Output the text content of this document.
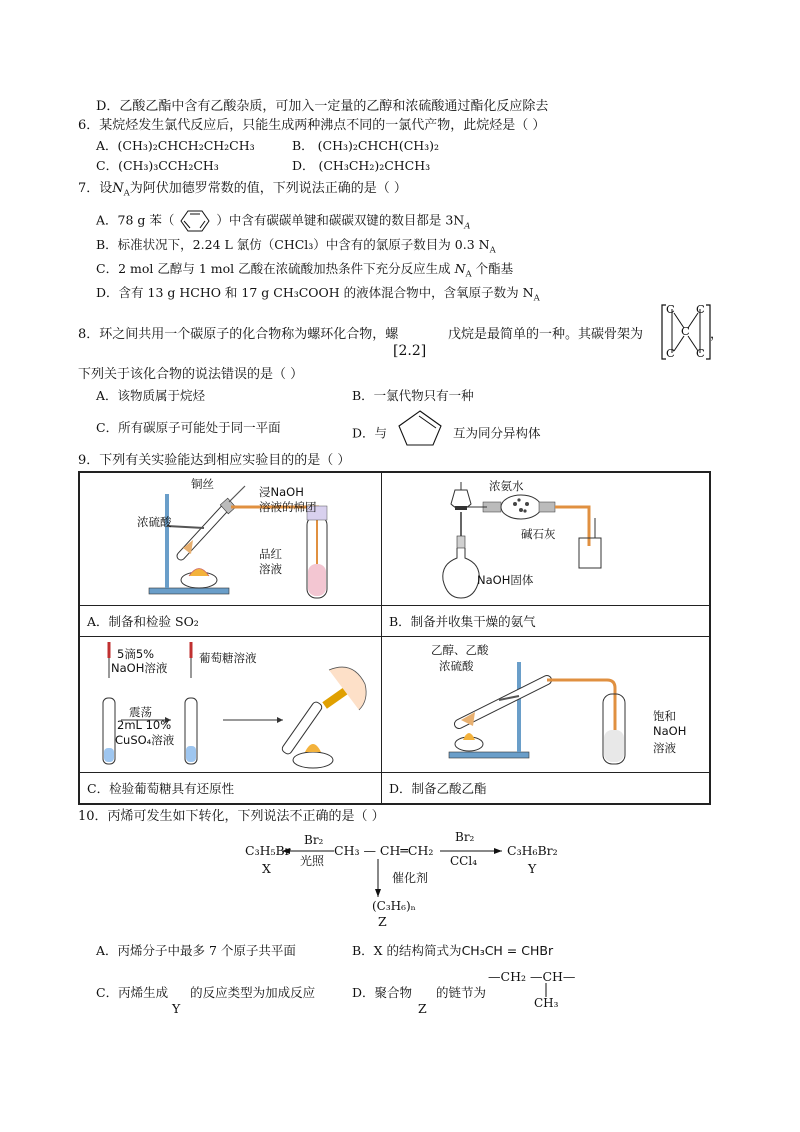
D．乙酸乙酯中含有乙酸杂质，可加入一定量的乙醇和浓硫酸通过酯化反应除去
6．某烷烃发生氯代反应后，只能生成两种沸点不同的一氯代产物，此烷烃是（ ）
A．(CH₃)₂CHCH₂CH₂CH₃	B． (CH₃)₂CHCH(CH₃)₂
C．(CH₃)₃CCH₂CH₃	D． (CH₃CH₂)₂CHCH₃
7．设$N_A$为阿伏加德罗常数的值，下列说法正确的是（ ）
A．78 g 苯（	）中含有碳碳单键和碳碳双键的数目都是 $3N_A$
B．标准状况下，2.24 L 氯仿（CHCl₃）中含有的氯原子数目为 0.3 $N_A$
C．2 mol 乙醇与 1 mol 乙酸在浓硫酸加热条件下充分反应生成 $N_A$ 个酯基
D．含有 13 g HCHO 和 17 g CH₃COOH 的液体混合物中，含氧原子数为 $N_A$
8．环之间共用一个碳原子的化合物称为螺环化合物，螺	戊烷是最简单的一种。其碳骨架为
[2.2]
C C
C
C C
，
下列关于该化合物的说法错误的是（ ）
A．该物质属于烷烃	B．一氯代物只有一种
C．所有碳原子可能处于同一平面	D．与	互为同分异构体
9．下列有关实验能达到相应实验目的的是（ ）
A．制备和检验 SO₂	B．制备并收集干燥的氨气
C．检验葡萄糖具有还原性	D．制备乙酸乙酯
铜丝
浸NaOH
溶液的棉团
浓硫酸
品红
溶液
浓氨水
碱石灰
NaOH固体
5滴5%
NaOH溶液
葡萄糖溶液
震荡
2mL 10%
CuSO₄溶液
乙醇、乙酸
浓硫酸
饱和
NaOH
溶液
10．丙烯可发生如下转化，下列说法不正确的是（ ）
C₃H₅Br
X
Br₂
光照
CH₃ — CH═CH₂
Br₂
CCl₄
C₃H₆Br₂
Y
催化剂
(C₃H₆)ₙ
Z
A．丙烯分子中最多 7 个原子共平面	B．X 的结构简式为CH₃CH = CHBr
C．丙烯生成 的反应类型为加成反应
Y
D．聚合物 的链节为
Z
—CH₂ —CH—
CH₃
